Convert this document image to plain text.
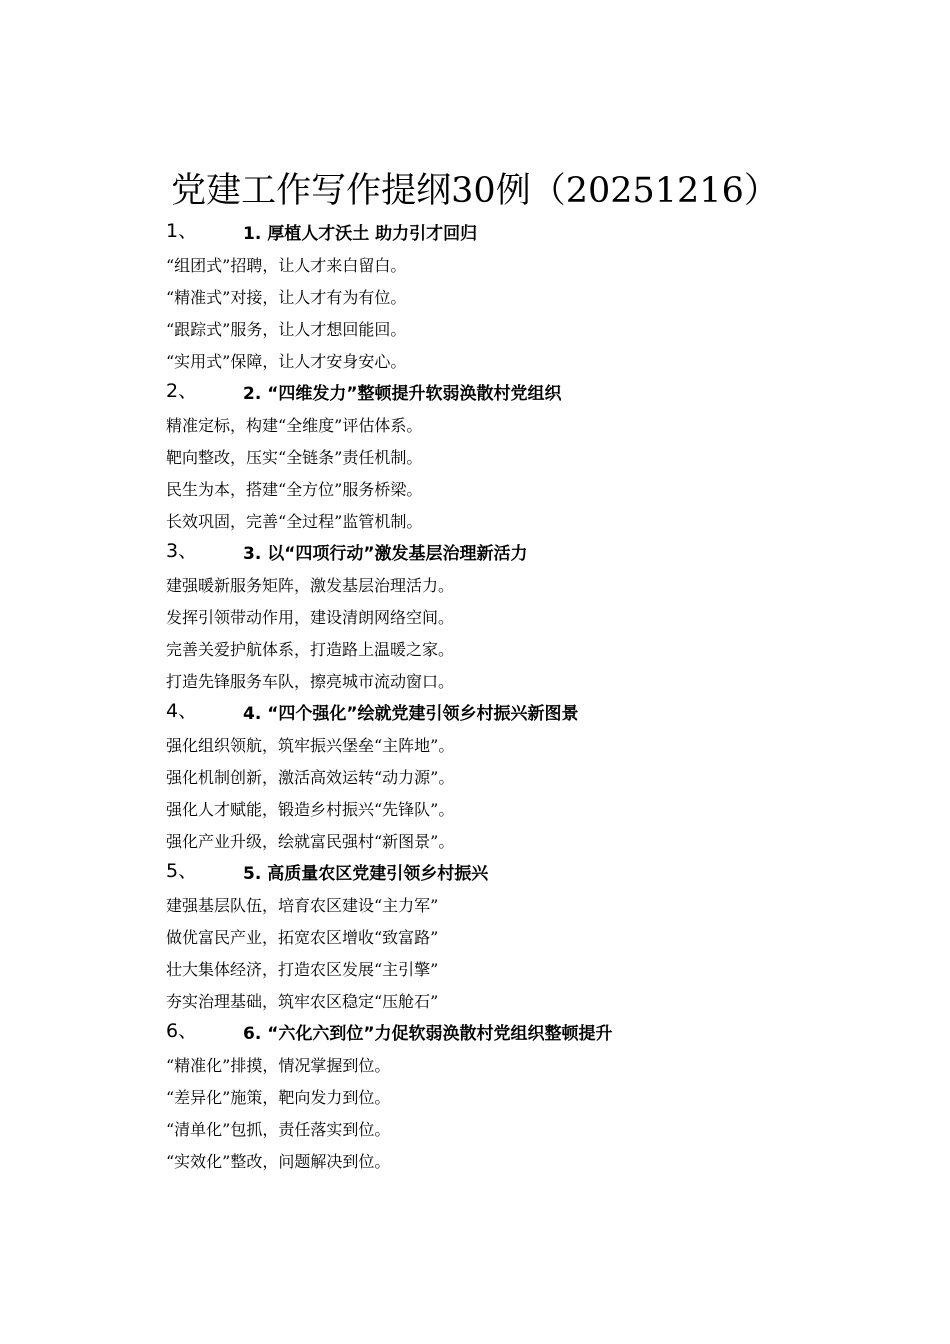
党建工作写作提纲30例（20251216）
1、	1. 厚植人才沃土 助力引才回归
“组团式”招聘，让人才来白留白。
“精准式”对接，让人才有为有位。
“跟踪式”服务，让人才想回能回。
“实用式”保障，让人才安身安心。
2、	2. “四维发力”整顿提升软弱涣散村党组织
精准定标，构建“全维度”评估体系。
靶向整改，压实“全链条”责任机制。
民生为本，搭建“全方位”服务桥梁。
长效巩固，完善“全过程”监管机制。
3、	3. 以“四项行动”激发基层治理新活力
建强暖新服务矩阵，激发基层治理活力。
发挥引领带动作用，建设清朗网络空间。
完善关爱护航体系，打造路上温暖之家。
打造先锋服务车队，擦亮城市流动窗口。
4、	4. “四个强化”绘就党建引领乡村振兴新图景
强化组织领航，筑牢振兴堡垒“主阵地”。
强化机制创新，激活高效运转“动力源”。
强化人才赋能，锻造乡村振兴“先锋队”。
强化产业升级，绘就富民强村“新图景”。
5、	5. 高质量农区党建引领乡村振兴
建强基层队伍，培育农区建设“主力军”
做优富民产业，拓宽农区增收“致富路”
壮大集体经济，打造农区发展“主引擎”
夯实治理基础，筑牢农区稳定“压舱石”
6、	6. “六化六到位”力促软弱涣散村党组织整顿提升
“精准化”排摸，情况掌握到位。
“差异化”施策，靶向发力到位。
“清单化”包抓，责任落实到位。
“实效化”整改，问题解决到位。
